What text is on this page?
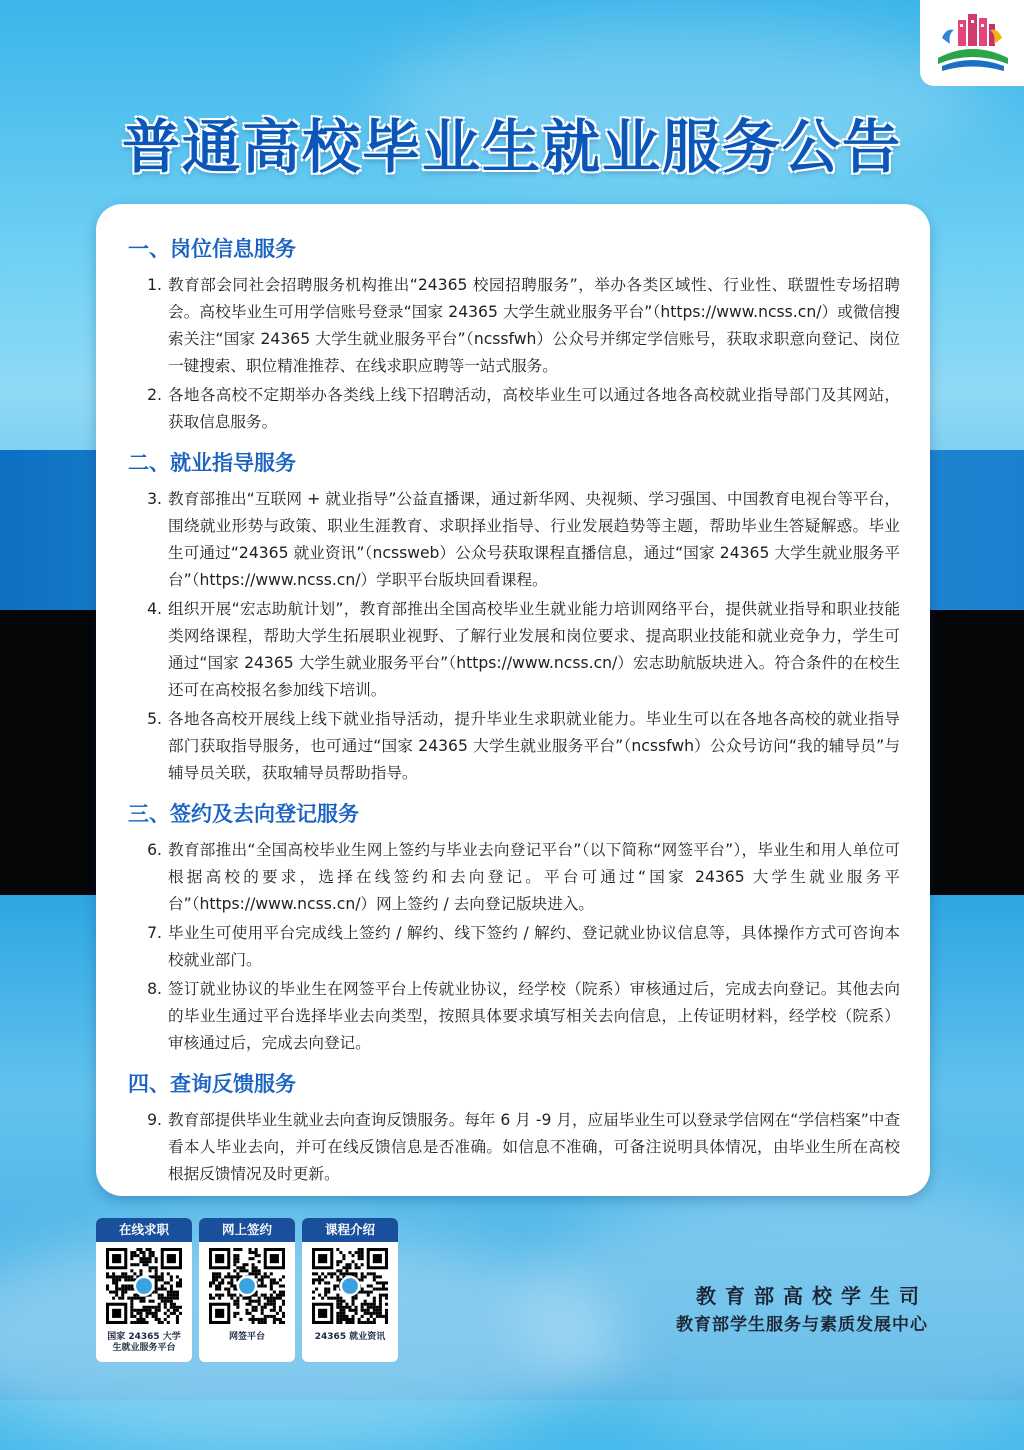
普通高校毕业生就业服务公告
一、岗位信息服务
1. 教育部会同社会招聘服务机构推出“24365 校园招聘服务”，举办各类区域性、行业性、联盟性专场招聘会。高校毕业生可用学信账号登录“国家 24365 大学生就业服务平台”（https://www.ncss.cn/）或微信搜索关注“国家 24365 大学生就业服务平台”（ncssfwh）公众号并绑定学信账号，获取求职意向登记、岗位一键搜索、职位精准推荐、在线求职应聘等一站式服务。
2. 各地各高校不定期举办各类线上线下招聘活动，高校毕业生可以通过各地各高校就业指导部门及其网站，获取信息服务。
二、就业指导服务
3. 教育部推出“互联网 + 就业指导”公益直播课，通过新华网、央视频、学习强国、中国教育电视台等平台，围绕就业形势与政策、职业生涯教育、求职择业指导、行业发展趋势等主题，帮助毕业生答疑解惑。毕业生可通过“24365 就业资讯”（ncssweb）公众号获取课程直播信息，通过“国家 24365 大学生就业服务平台”（https://www.ncss.cn/）学职平台版块回看课程。
4. 组织开展“宏志助航计划”，教育部推出全国高校毕业生就业能力培训网络平台，提供就业指导和职业技能类网络课程，帮助大学生拓展职业视野、了解行业发展和岗位要求、提高职业技能和就业竞争力，学生可通过“国家 24365 大学生就业服务平台”（https://www.ncss.cn/）宏志助航版块进入。符合条件的在校生还可在高校报名参加线下培训。
5. 各地各高校开展线上线下就业指导活动，提升毕业生求职就业能力。毕业生可以在各地各高校的就业指导部门获取指导服务，也可通过“国家 24365 大学生就业服务平台”（ncssfwh）公众号访问“我的辅导员”与辅导员关联，获取辅导员帮助指导。
三、签约及去向登记服务
6. 教育部推出“全国高校毕业生网上签约与毕业去向登记平台”（以下简称“网签平台”），毕业生和用人单位可根据高校的要求，选择在线签约和去向登记。平台可通过“国家 24365 大学生就业服务平台”（https://www.ncss.cn/）网上签约 / 去向登记版块进入。
7. 毕业生可使用平台完成线上签约 / 解约、线下签约 / 解约、登记就业协议信息等，具体操作方式可咨询本校就业部门。
8. 签订就业协议的毕业生在网签平台上传就业协议，经学校（院系）审核通过后，完成去向登记。其他去向的毕业生通过平台选择毕业去向类型，按照具体要求填写相关去向信息，上传证明材料，经学校（院系）审核通过后，完成去向登记。
四、查询反馈服务
9. 教育部提供毕业生就业去向查询反馈服务。每年 6 月 -9 月，应届毕业生可以登录学信网在“学信档案”中查看本人毕业去向，并可在线反馈信息是否准确。如信息不准确，可备注说明具体情况，由毕业生所在高校根据反馈情况及时更新。
在线求职
国家 24365 大学
生就业服务平台
网上签约
网签平台
课程介绍
24365 就业资讯
教育部高校学生司
教育部学生服务与素质发展中心
